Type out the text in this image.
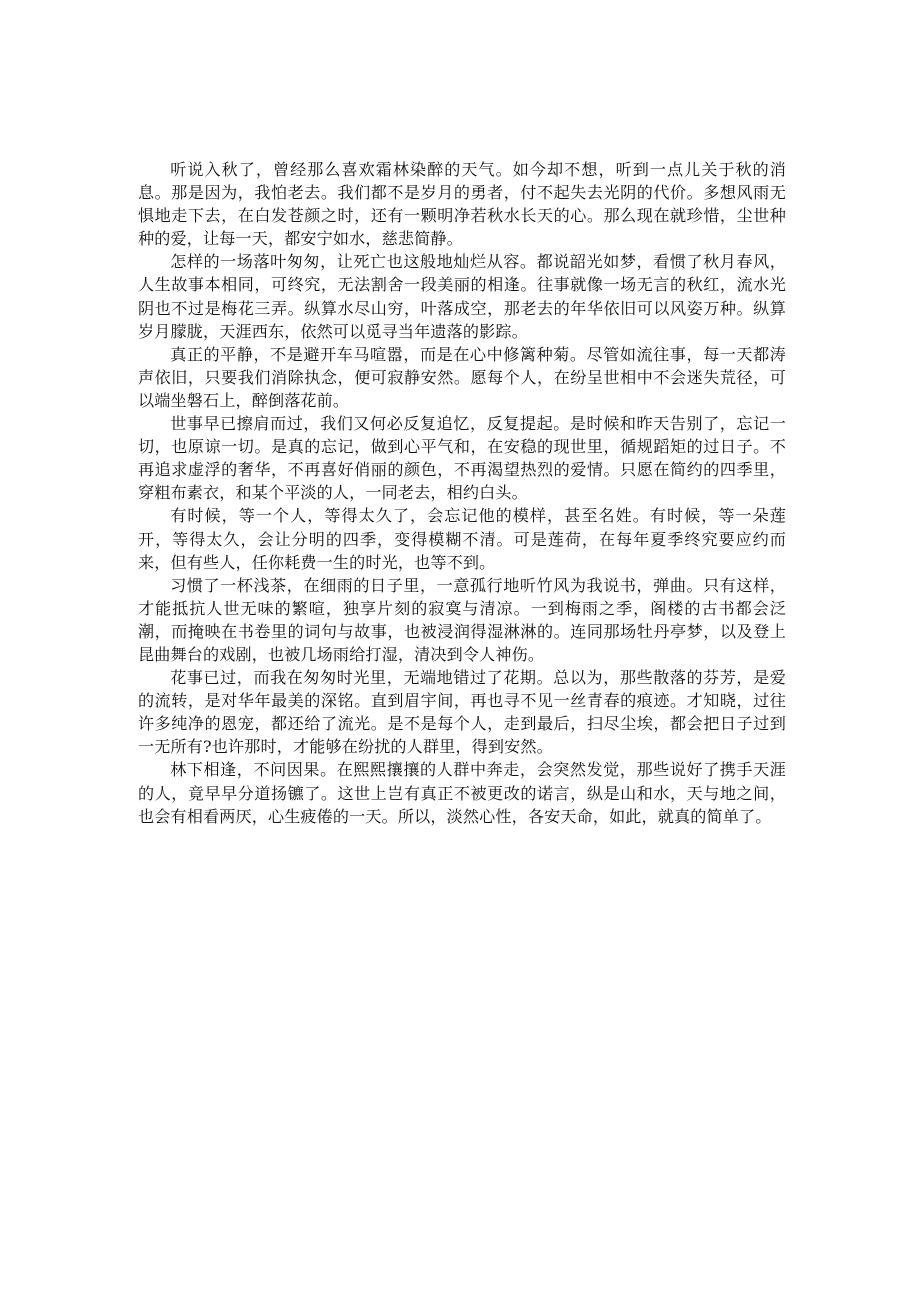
听说入秋了，曾经那么喜欢霜林染醉的天气。如今却不想，听到一点儿关于秋的消息。那是因为，我怕老去。我们都不是岁月的勇者，付不起失去光阴的代价。多想风雨无惧地走下去，在白发苍颜之时，还有一颗明净若秋水长天的心。那么现在就珍惜，尘世种种的爱，让每一天，都安宁如水，慈悲简静。

怎样的一场落叶匆匆，让死亡也这般地灿烂从容。都说韶光如梦，看惯了秋月春风，人生故事本相同，可终究，无法割舍一段美丽的相逢。往事就像一场无言的秋红，流水光阴也不过是梅花三弄。纵算水尽山穷，叶落成空，那老去的年华依旧可以风姿万种。纵算岁月朦胧，天涯西东，依然可以觅寻当年遗落的影踪。

真正的平静，不是避开车马喧嚣，而是在心中修篱种菊。尽管如流往事，每一天都涛声依旧，只要我们消除执念，便可寂静安然。愿每个人，在纷呈世相中不会迷失荒径，可以端坐磐石上，醉倒落花前。

世事早已擦肩而过，我们又何必反复追忆，反复提起。是时候和昨天告别了，忘记一切，也原谅一切。是真的忘记，做到心平气和，在安稳的现世里，循规蹈矩的过日子。不再追求虚浮的奢华，不再喜好俏丽的颜色，不再渴望热烈的爱情。只愿在简约的四季里，穿粗布素衣，和某个平淡的人，一同老去，相约白头。

有时候，等一个人，等得太久了，会忘记他的模样，甚至名姓。有时候，等一朵莲开，等得太久，会让分明的四季，变得模糊不清。可是莲荷，在每年夏季终究要应约而来，但有些人，任你耗费一生的时光，也等不到。

习惯了一杯浅茶，在细雨的日子里，一意孤行地听竹风为我说书，弹曲。只有这样，才能抵抗人世无味的繁喧，独享片刻的寂寞与清凉。一到梅雨之季，阁楼的古书都会泛潮，而掩映在书卷里的词句与故事，也被浸润得湿淋淋的。连同那场牡丹亭梦，以及登上昆曲舞台的戏剧，也被几场雨给打湿，清决到令人神伤。

花事已过，而我在匆匆时光里，无端地错过了花期。总以为，那些散落的芬芳，是爱的流转，是对华年最美的深铭。直到眉宇间，再也寻不见一丝青春的痕迹。才知晓，过往许多纯净的恩宠，都还给了流光。是不是每个人，走到最后，扫尽尘埃，都会把日子过到一无所有?也许那时，才能够在纷扰的人群里，得到安然。

林下相逢，不问因果。在熙熙攘攘的人群中奔走，会突然发觉，那些说好了携手天涯的人，竟早早分道扬镳了。这世上岂有真正不被更改的诺言，纵是山和水，天与地之间，也会有相看两厌，心生疲倦的一天。所以，淡然心性，各安天命，如此，就真的简单了。
